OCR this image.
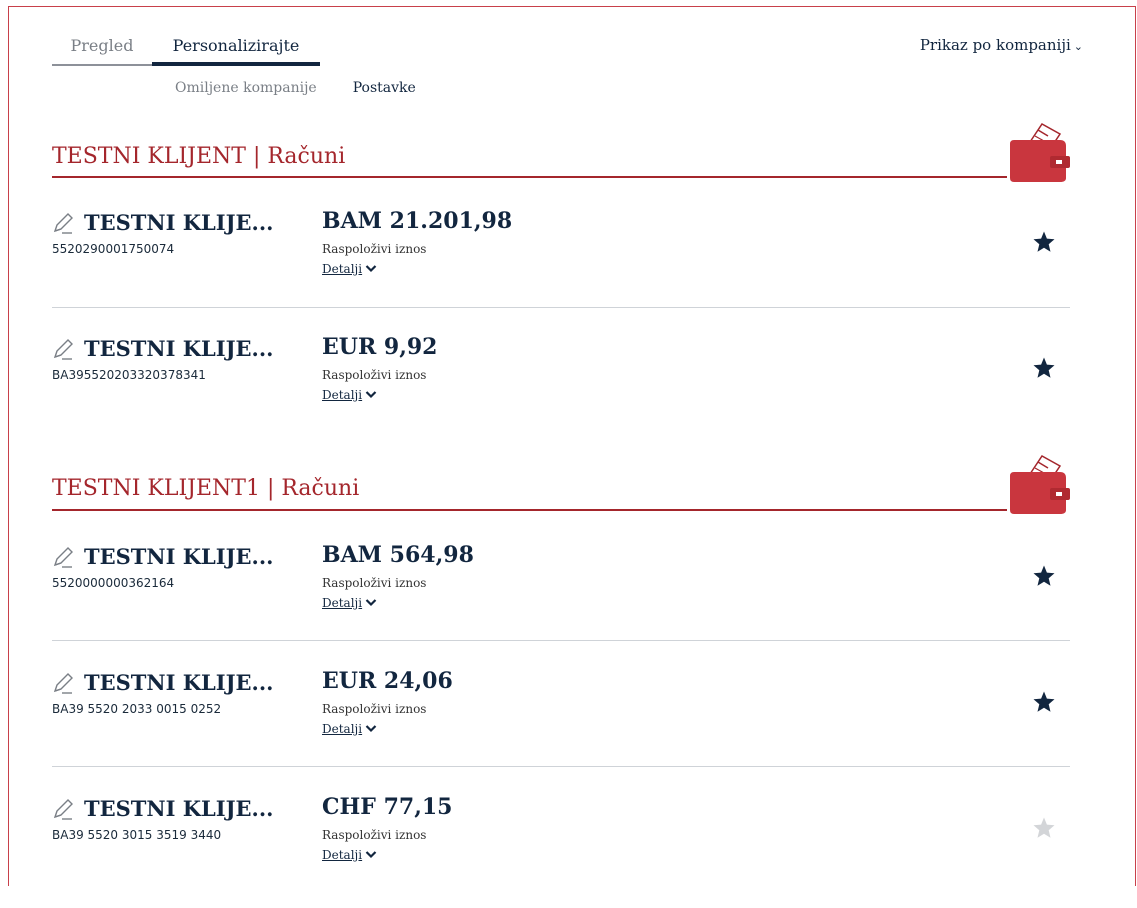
Pregled	Personalizirajte
Omiljene kompanije	Postavke
Prikaz po kompaniji ⌄
TESTNI KLIJENT | Računi
TESTNI KLIJE...
5520290001750074
BAM 21.201,98
Raspoloživi iznos
Detalji
TESTNI KLIJE...
BA395520203320378341
EUR 9,92
Raspoloživi iznos
Detalji
TESTNI KLIJENT1 | Računi
TESTNI KLIJE...
5520000000362164
BAM 564,98
Raspoloživi iznos
Detalji
TESTNI KLIJE...
BA39 5520 2033 0015 0252
EUR 24,06
Raspoloživi iznos
Detalji
TESTNI KLIJE...
BA39 5520 3015 3519 3440
CHF 77,15
Raspoloživi iznos
Detalji
